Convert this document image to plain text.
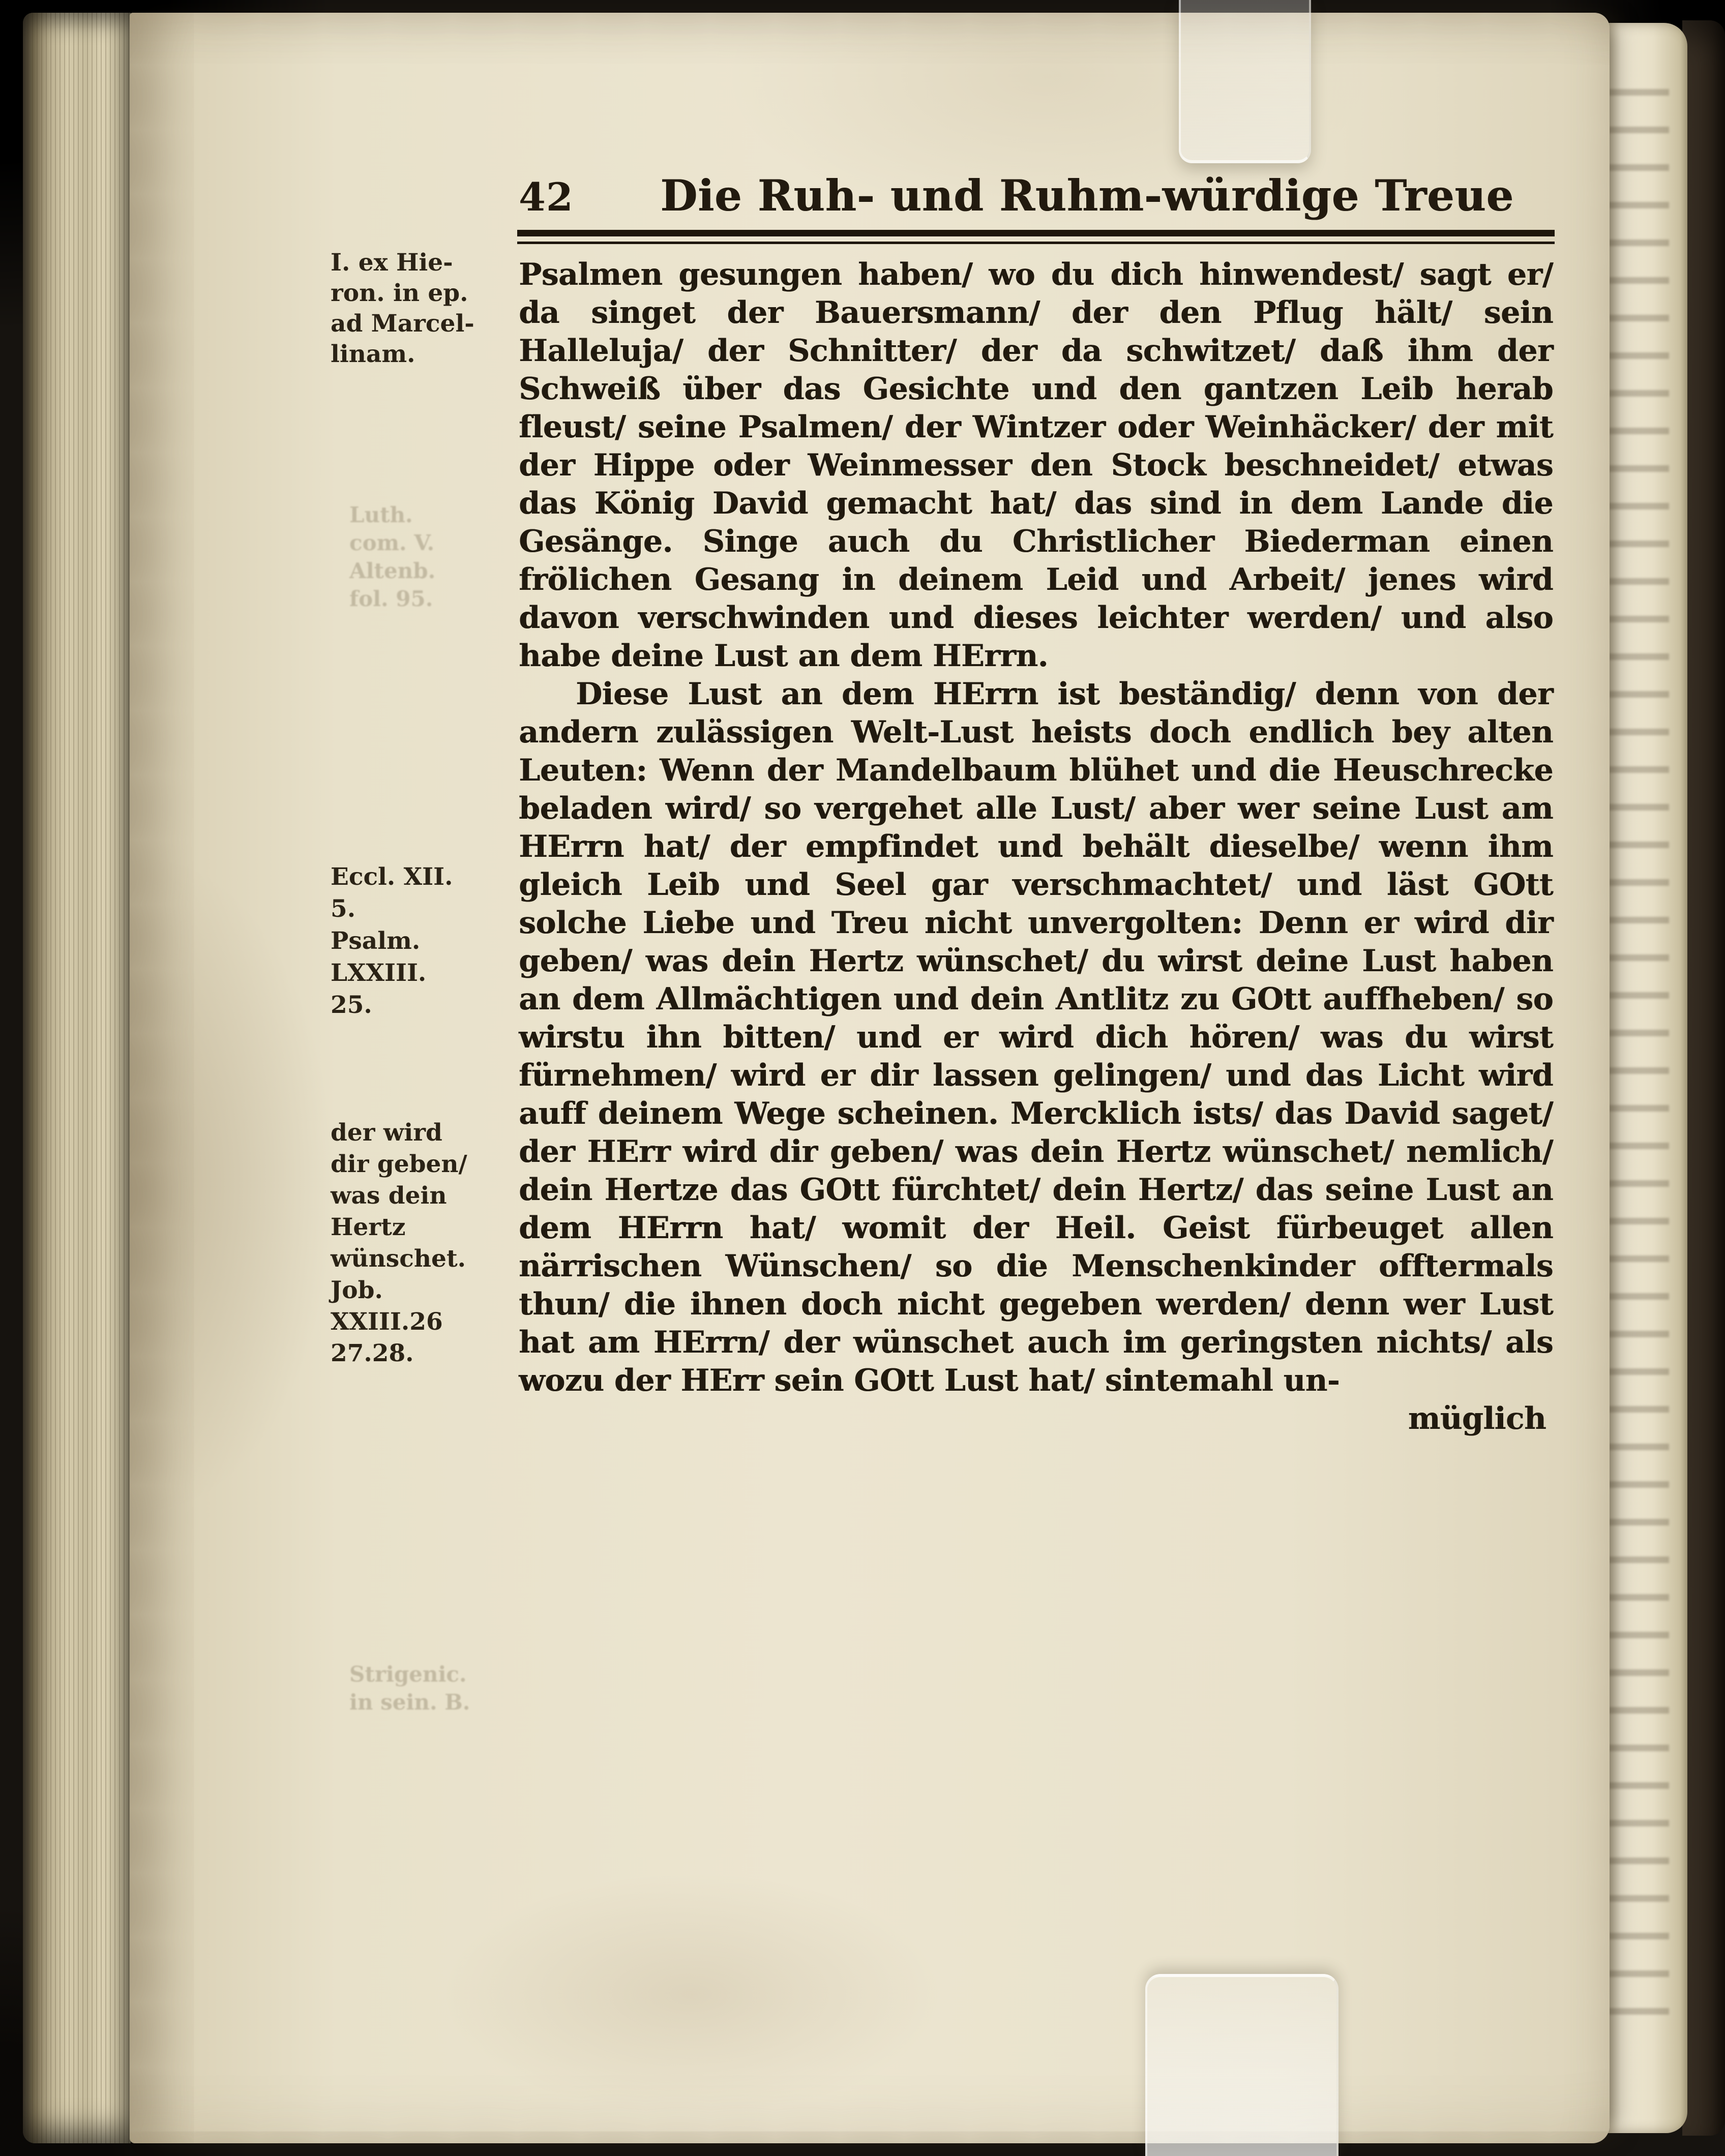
42	Die Ruh- und Ruhm-würdige Treue
I. ex Hie-
ron. in ep.
ad Marcel-
linam.
Luth.
com. V.
Altenb.
fol. 95.
Eccl. XII.
5.
Psalm.
LXXIII.
25.
der wird
dir geben/
was dein
Hertz
wünschet.
Job.
XXIII.26
27.28.
Strigenic.
in sein. B.
Psalmen gesungen haben/ wo du dich hinwendest/ sagt er/ da singet der Bauersmann/ der den Pflug hält/ sein Halleluja/ der Schnitter/ der da schwitzet/ daß ihm der Schweiß über das Gesichte und den gantzen Leib herab fleust/ seine Psalmen/ der Wintzer oder Weinhäcker/ der mit der Hippe oder Weinmesser den Stock beschneidet/ etwas das König David gemacht hat/ das sind in dem Lande die Gesänge. Singe auch du Christlicher Biederman einen frölichen Gesang in deinem Leid und Arbeit/ jenes wird davon verschwinden und dieses leichter werden/ und also habe deine Lust an dem HErrn.
Diese Lust an dem HErrn ist beständig/ denn von der andern zulässigen Welt-Lust heists doch endlich bey alten Leuten: Wenn der Mandelbaum blühet und die Heuschrecke beladen wird/ so vergehet alle Lust/ aber wer seine Lust am HErrn hat/ der empfindet und behält dieselbe/ wenn ihm gleich Leib und Seel gar verschmachtet/ und läst GOtt solche Liebe und Treu nicht unvergolten: Denn er wird dir geben/ was dein Hertz wünschet/ du wirst deine Lust haben an dem Allmächtigen und dein Antlitz zu GOtt auffheben/ so wirstu ihn bitten/ und er wird dich hören/ was du wirst fürnehmen/ wird er dir lassen gelingen/ und das Licht wird auff deinem Wege scheinen. Mercklich ists/ das David saget/ der HErr wird dir geben/ was dein Hertz wünschet/ nemlich/ dein Hertze das GOtt fürchtet/ dein Hertz/ das seine Lust an dem HErrn hat/ womit der Heil. Geist fürbeuget allen närrischen Wünschen/ so die Menschenkinder offtermals thun/ die ihnen doch nicht gegeben werden/ denn wer Lust hat am HErrn/ der wünschet auch im geringsten nichts/ als wozu der HErr sein GOtt Lust hat/ sintemahl un-
müglich
